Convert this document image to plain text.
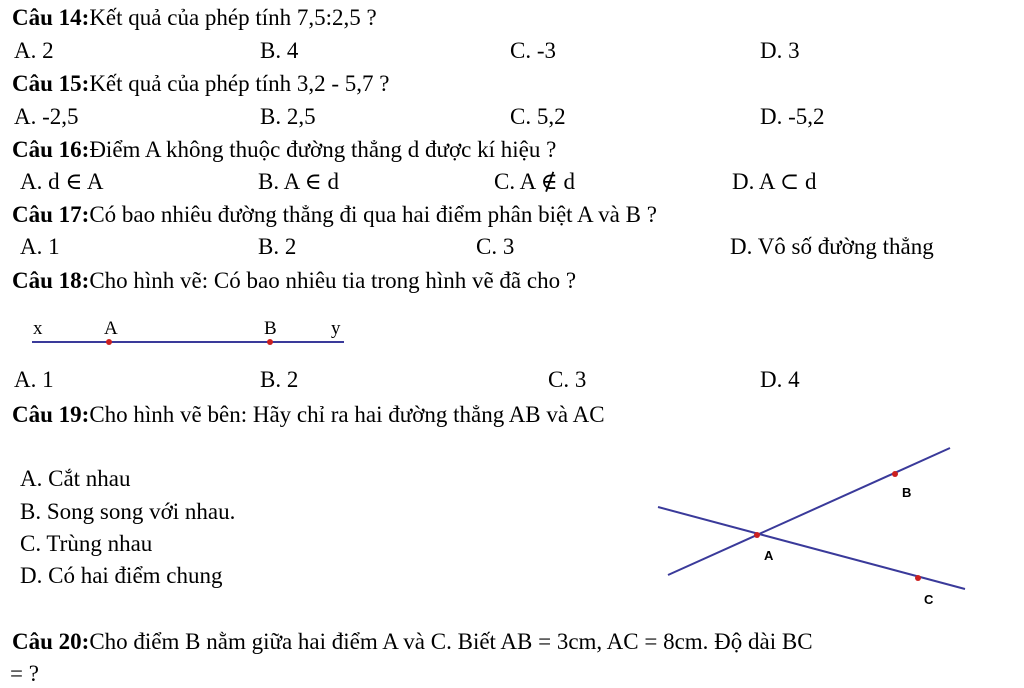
Câu 14:Kết quả của phép tính 7,5:2,5 ?
A. 2	B. 4	C. -3	D. 3
Câu 15:Kết quả của phép tính 3,2 - 5,7 ?
A. -2,5	B. 2,5	C. 5,2	D. -5,2
Câu 16:Điểm A không thuộc đường thẳng d được kí hiệu ?
A. d ∈ A	B. A ∈ d	C. A ∉ d	D. A ⊂ d
Câu 17:Có bao nhiêu đường thẳng đi qua hai điểm phân biệt A và B ?
A. 1	B. 2	C. 3	D. Vô số đường thẳng
Câu 18:Cho hình vẽ: Có bao nhiêu tia trong hình vẽ đã cho ?
x	A	B	y
A. 1	B. 2	C. 3	D. 4
Câu 19:Cho hình vẽ bên: Hãy chỉ ra hai đường thẳng AB và AC
A. Cắt nhau
B. Song song với nhau.
C. Trùng nhau
D. Có hai điểm chung
B
A
C
Câu 20:Cho điểm B nằm giữa hai điểm A và C. Biết AB = 3cm, AC = 8cm. Độ dài BC
= ?
